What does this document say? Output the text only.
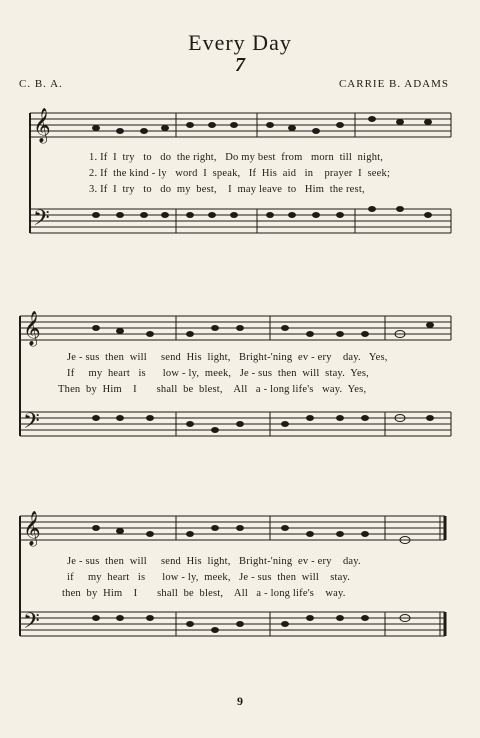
Every Day
7
C. B. A.	CARRIE B. ADAMS
𝄞
𝄢
1. If  I  try   to   do  the right,   Do my best  from   morn  till  night,
2. If  the kind - ly   word  I  speak,   If  His  aid   in    prayer  I  seek;
3. If  I  try   to   do  my  best,    I  may leave  to   Him  the rest,
𝄞
𝄢
Je - sus  then  will     send  His  light,   Bright-'ning  ev - ery    day.   Yes,
If     my  heart   is      low - ly,  meek,   Je - sus  then  will  stay.  Yes,
Then  by  Him    I       shall  be  blest,    All   a - long life's   way.  Yes,
𝄞
𝄢
Je - sus  then  will     send  His  light,   Bright-'ning  ev - ery    day.
if     my  heart   is      low - ly,  meek,   Je - sus  then  will    stay.
then  by  Him    I       shall  be  blest,    All   a - long life's    way.
9
